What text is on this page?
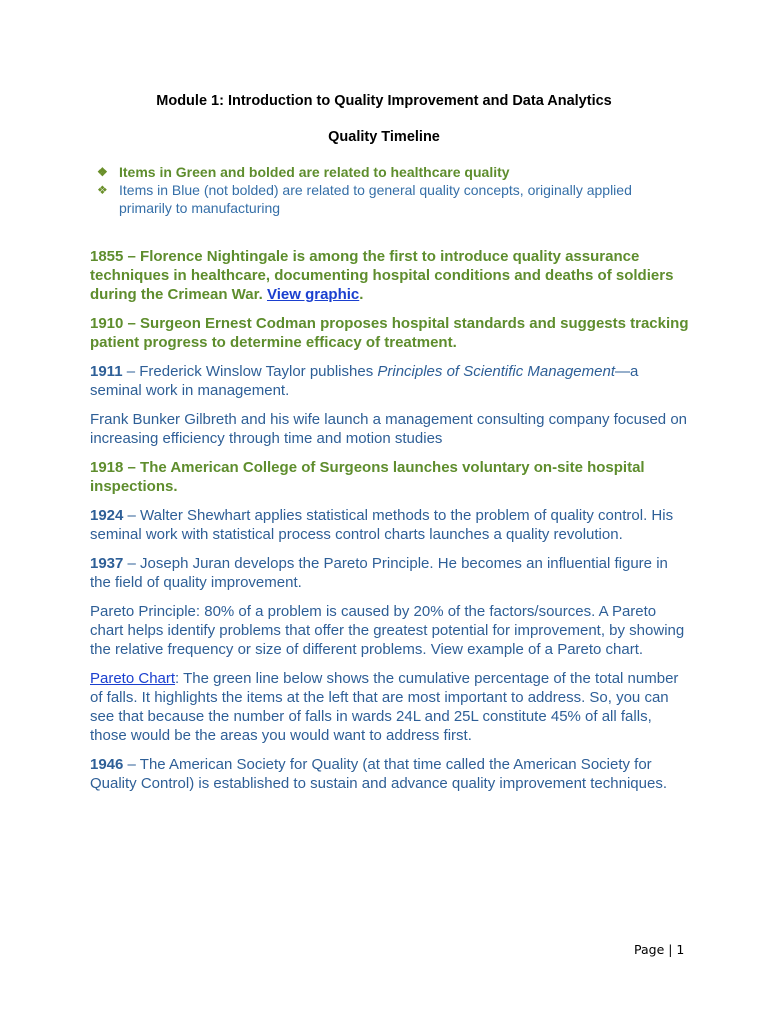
Module 1: Introduction to Quality Improvement and Data Analytics
Quality Timeline

❖ Items in Green and bolded are related to healthcare quality

❖ Items in Blue (not bolded) are related to general quality concepts, originally applied primarily to manufacturing

1855 – Florence Nightingale is among the first to introduce quality assurance techniques in healthcare, documenting hospital conditions and deaths of soldiers during the Crimean War. View graphic.

1910 – Surgeon Ernest Codman proposes hospital standards and suggests tracking patient progress to determine efficacy of treatment.

1911 – Frederick Winslow Taylor publishes Principles of Scientific Management—a seminal work in management.

Frank Bunker Gilbreth and his wife launch a management consulting company focused on increasing efficiency through time and motion studies

1918 – The American College of Surgeons launches voluntary on-site hospital inspections.

1924 – Walter Shewhart applies statistical methods to the problem of quality control. His seminal work with statistical process control charts launches a quality revolution.

1937 – Joseph Juran develops the Pareto Principle. He becomes an influential figure in the field of quality improvement.

Pareto Principle: 80% of a problem is caused by 20% of the factors/sources. A Pareto chart helps identify problems that offer the greatest potential for improvement, by showing the relative frequency or size of different problems. View example of a Pareto chart.

Pareto Chart: The green line below shows the cumulative percentage of the total number of falls. It highlights the items at the left that are most important to address. So, you can see that because the number of falls in wards 24L and 25L constitute 45% of all falls, those would be the areas you would want to address first.

1946 – The American Society for Quality (at that time called the American Society for Quality Control) is established to sustain and advance quality improvement techniques.

Page | 1
